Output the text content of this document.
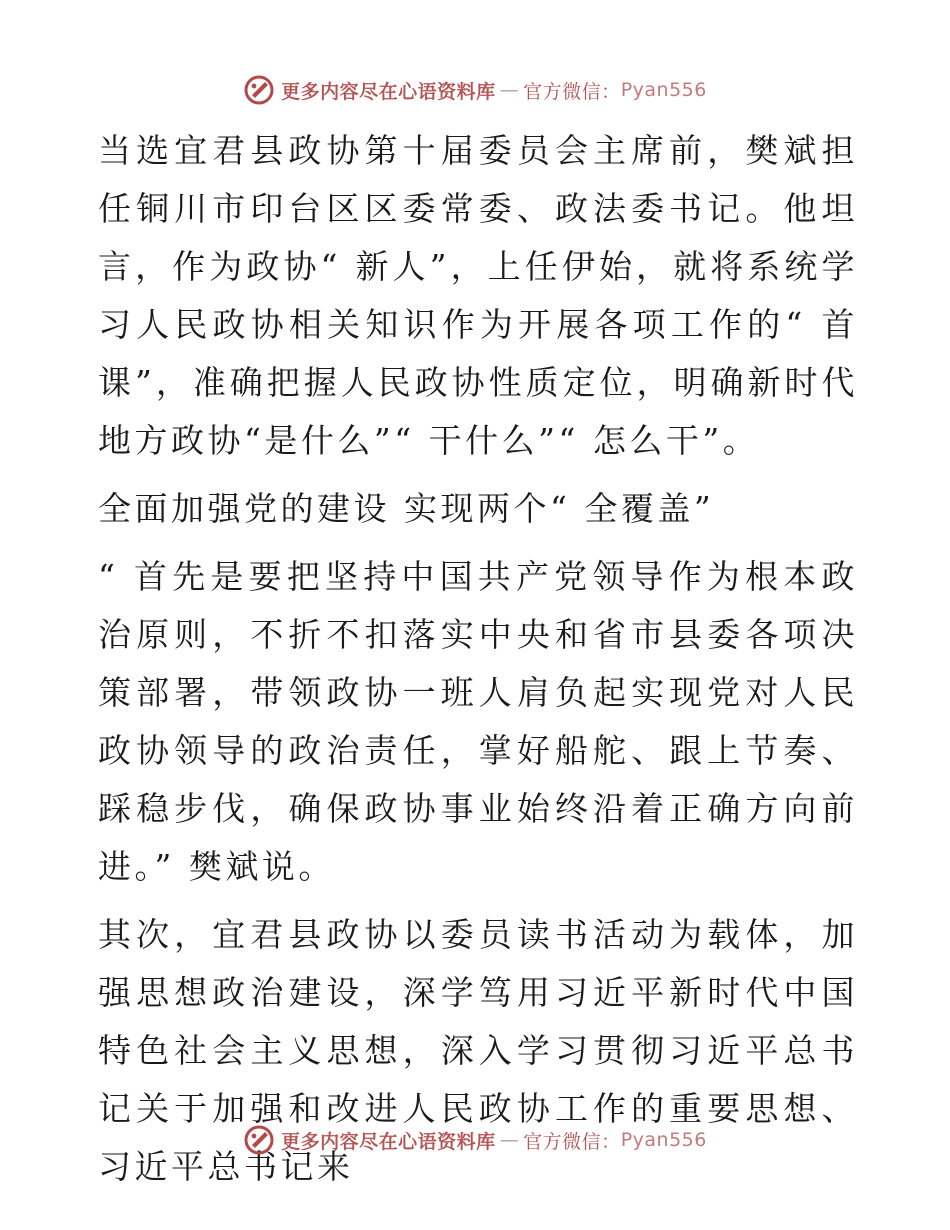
更多内容尽在心语资料库 — 官方微信： Pyan556

当选宜君县政协第十届委员会主席前，樊斌担任铜川市印台区区委常委、政法委书记。他坦言，作为政协“ 新人”，上任伊始，就将系统学习人民政协相关知识作为开展各项工作的“ 首课”，准确把握人民政协性质定位，明确新时代地方政协“是什么”“ 干什么”“ 怎么干”。

全面加强党的建设 实现两个“ 全覆盖”

“ 首先是要把坚持中国共产党领导作为根本政治原则，不折不扣落实中央和省市县委各项决策部署，带领政协一班人肩负起实现党对人民政协领导的政治责任，掌好船舵、跟上节奏、踩稳步伐，确保政协事业始终沿着正确方向前进。” 樊斌说。

其次，宜君县政协以委员读书活动为载体，加强思想政治建设，深学笃用习近平新时代中国特色社会主义思想，深入学习贯彻习近平总书记关于加强和改进人民政协工作的重要思想、习近平总书记来

更多内容尽在心语资料库 — 官方微信： Pyan556
